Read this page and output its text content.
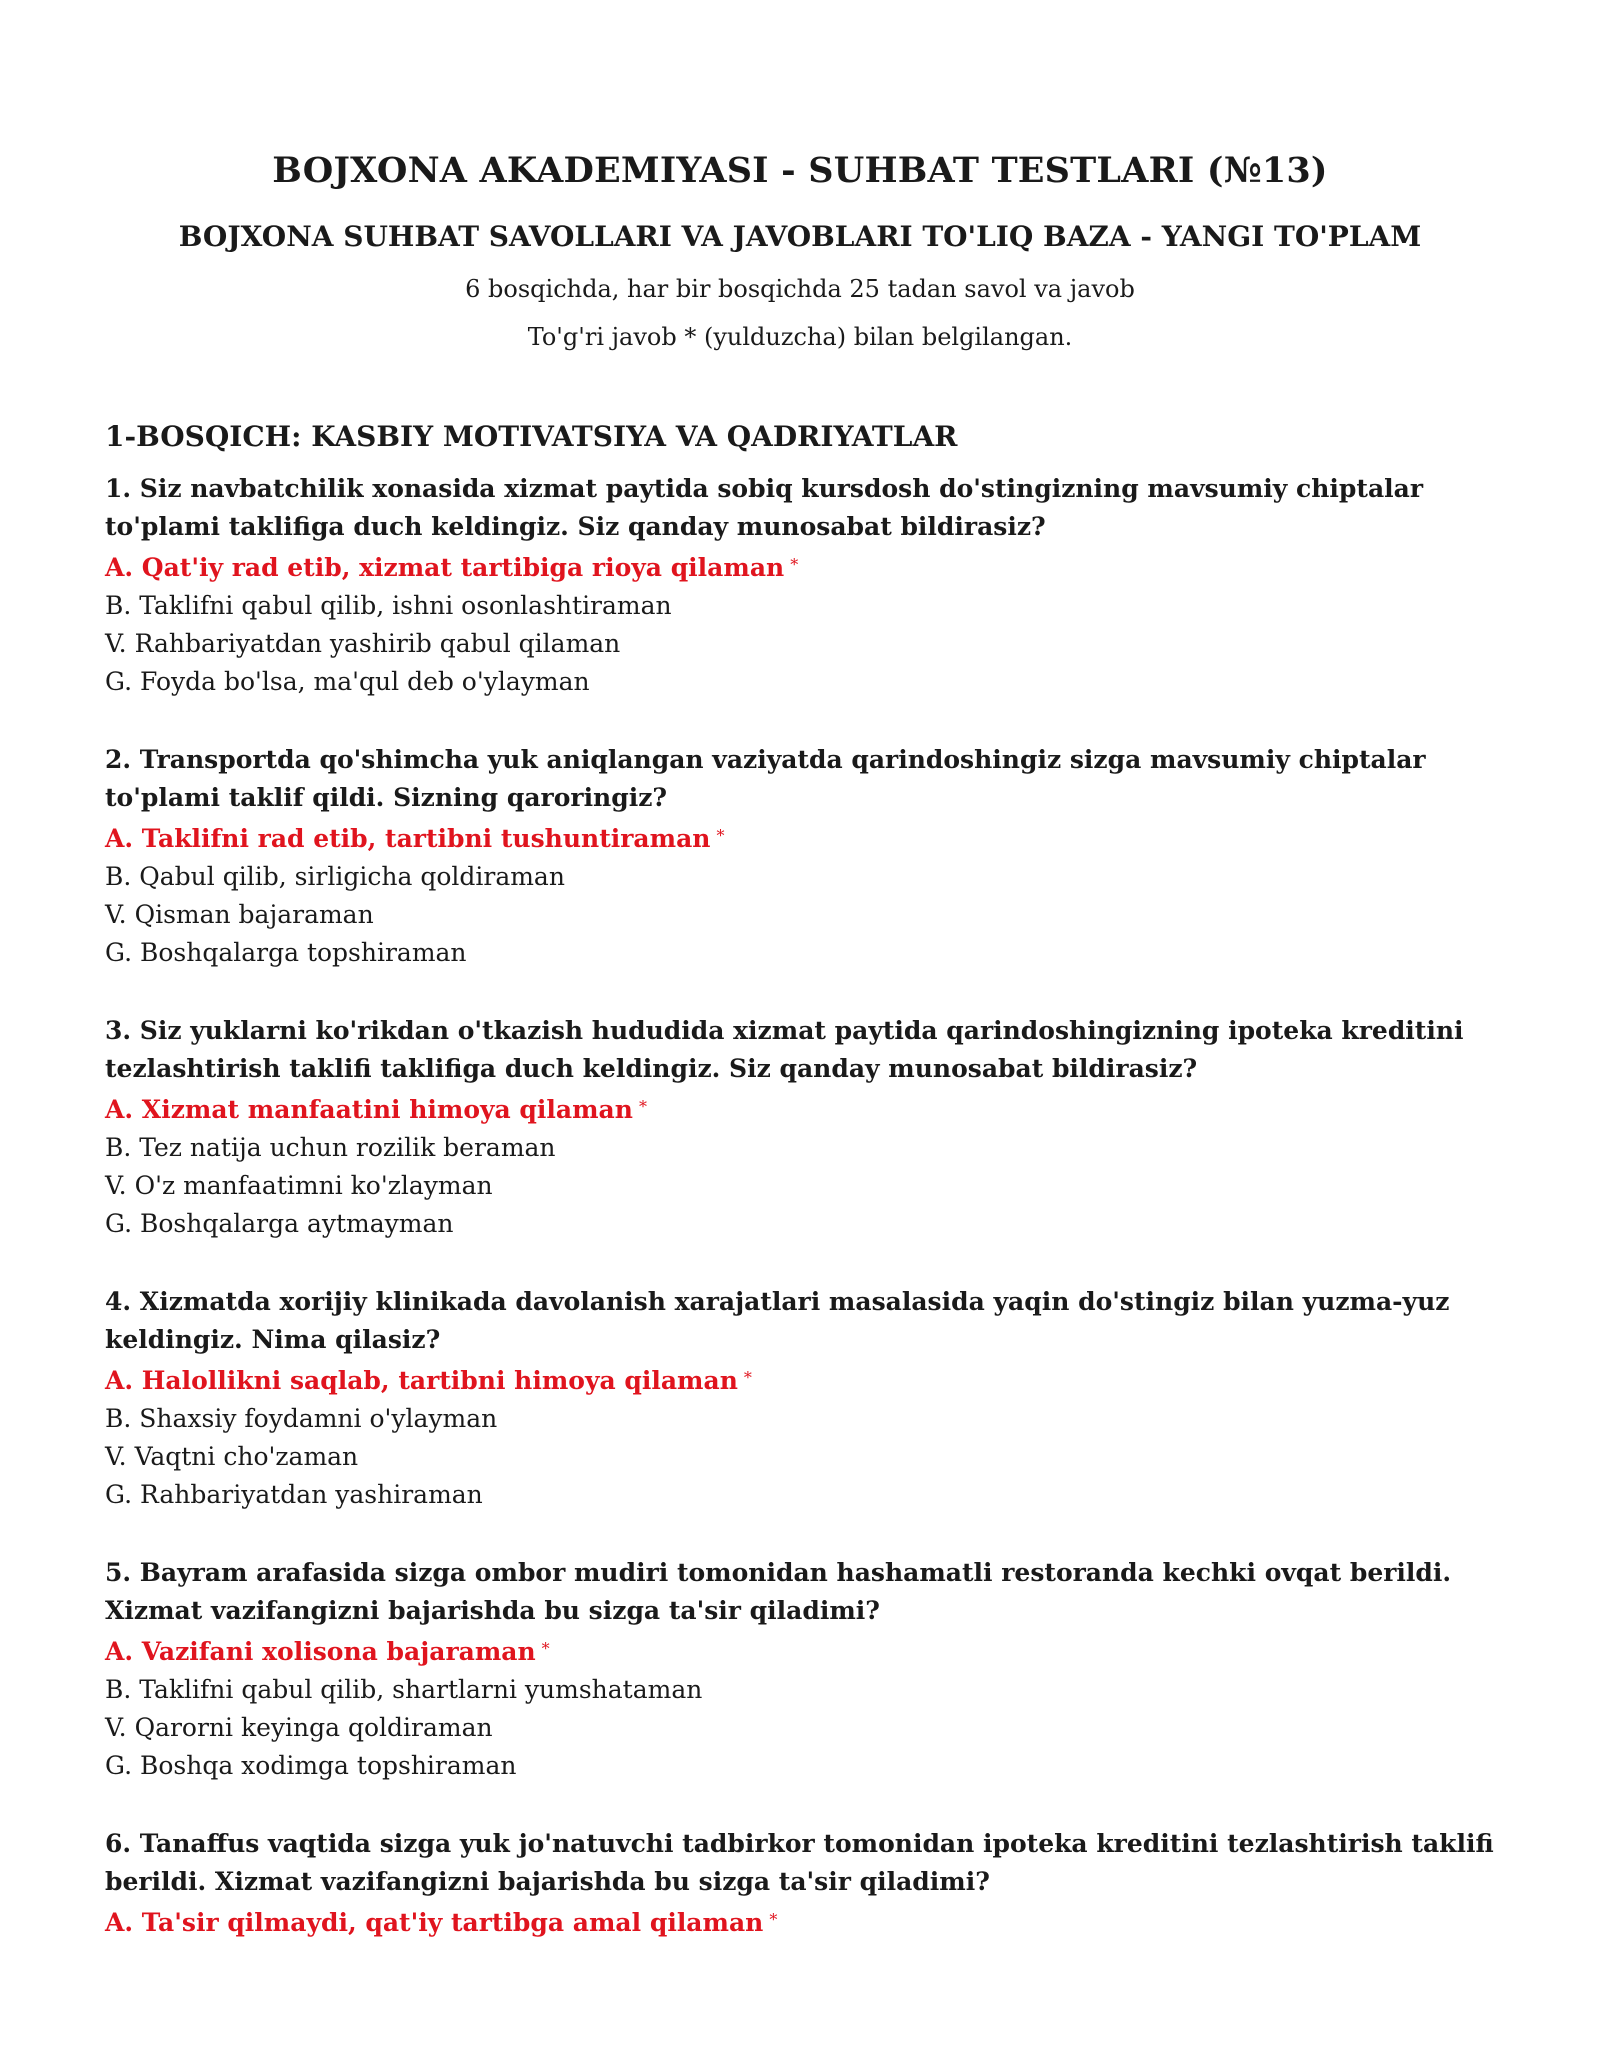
BOJXONA AKADEMIYASI - SUHBAT TESTLARI (№13)
BOJXONA SUHBAT SAVOLLARI VA JAVOBLARI TO'LIQ BAZA - YANGI TO'PLAM
6 bosqichda, har bir bosqichda 25 tadan savol va javob
To'g'ri javob * (yulduzcha) bilan belgilangan.
1-BOSQICH: KASBIY MOTIVATSIYA VA QADRIYATLAR
1. Siz navbatchilik xonasida xizmat paytida sobiq kursdosh do'stingizning mavsumiy chiptalar to'plami taklifiga duch keldingiz. Siz qanday munosabat bildirasiz?
A. Qat'iy rad etib, xizmat tartibiga rioya qilaman *
B. Taklifni qabul qilib, ishni osonlashtiraman
V. Rahbariyatdan yashirib qabul qilaman
G. Foyda bo'lsa, ma'qul deb o'ylayman
2. Transportda qo'shimcha yuk aniqlangan vaziyatda qarindoshingiz sizga mavsumiy chiptalar to'plami taklif qildi. Sizning qaroringiz?
A. Taklifni rad etib, tartibni tushuntiraman *
B. Qabul qilib, sirligicha qoldiraman
V. Qisman bajaraman
G. Boshqalarga topshiraman
3. Siz yuklarni ko'rikdan o'tkazish hududida xizmat paytida qarindoshingizning ipoteka kreditini tezlashtirish taklifi taklifiga duch keldingiz. Siz qanday munosabat bildirasiz?
A. Xizmat manfaatini himoya qilaman *
B. Tez natija uchun rozilik beraman
V. O'z manfaatimni ko'zlayman
G. Boshqalarga aytmayman
4. Xizmatda xorijiy klinikada davolanish xarajatlari masalasida yaqin do'stingiz bilan yuzma-yuz keldingiz. Nima qilasiz?
A. Halollikni saqlab, tartibni himoya qilaman *
B. Shaxsiy foydamni o'ylayman
V. Vaqtni cho'zaman
G. Rahbariyatdan yashiraman
5. Bayram arafasida sizga ombor mudiri tomonidan hashamatli restoranda kechki ovqat berildi. Xizmat vazifangizni bajarishda bu sizga ta'sir qiladimi?
A. Vazifani xolisona bajaraman *
B. Taklifni qabul qilib, shartlarni yumshataman
V. Qarorni keyinga qoldiraman
G. Boshqa xodimga topshiraman
6. Tanaffus vaqtida sizga yuk jo'natuvchi tadbirkor tomonidan ipoteka kreditini tezlashtirish taklifi berildi. Xizmat vazifangizni bajarishda bu sizga ta'sir qiladimi?
A. Ta'sir qilmaydi, qat'iy tartibga amal qilaman *
